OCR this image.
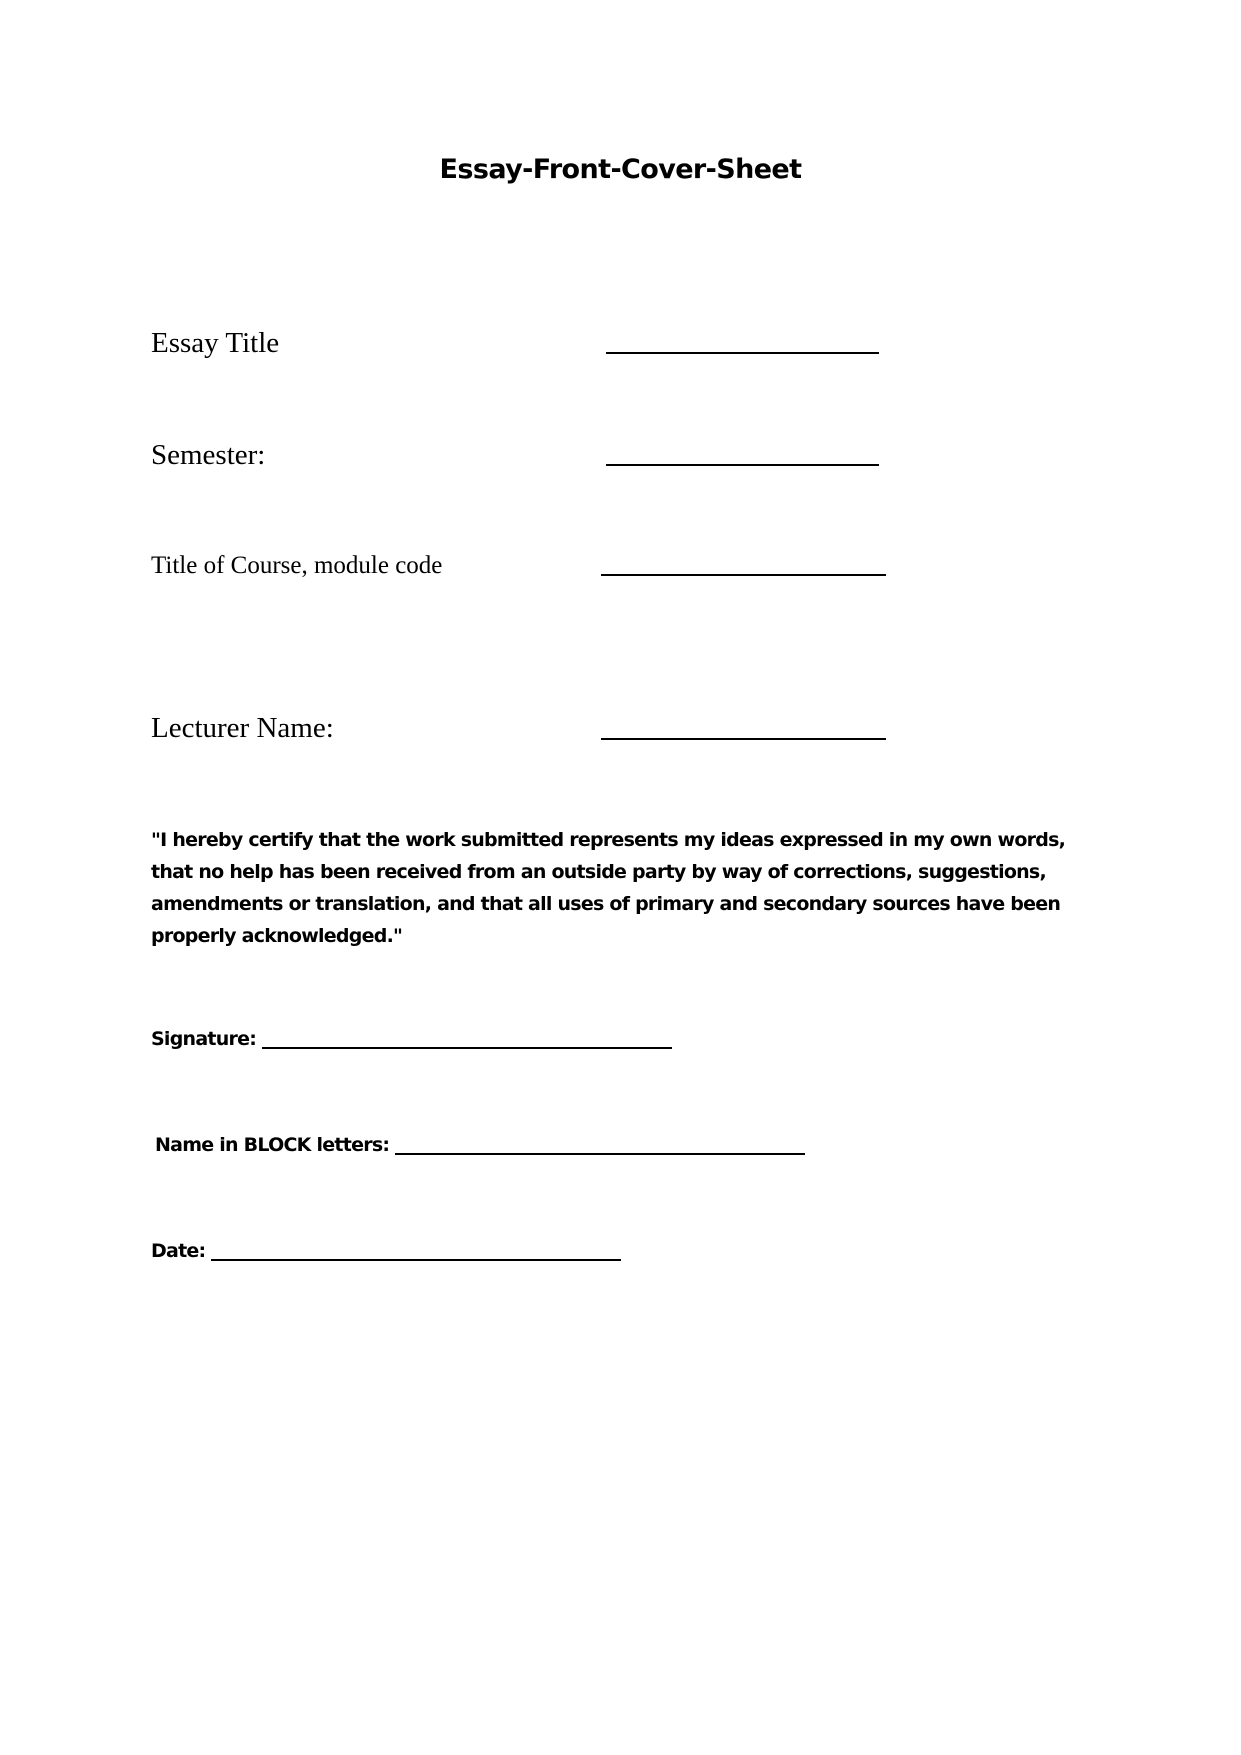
Essay-Front-Cover-Sheet
Essay Title
Semester:
Title of Course, module code
Lecturer Name:
"I hereby certify that the work submitted represents my ideas expressed in my own words, that no help has been received from an outside party by way of corrections, suggestions, amendments or translation, and that all uses of primary and secondary sources have been properly acknowledged."
Signature:
Name in BLOCK letters:
Date:
